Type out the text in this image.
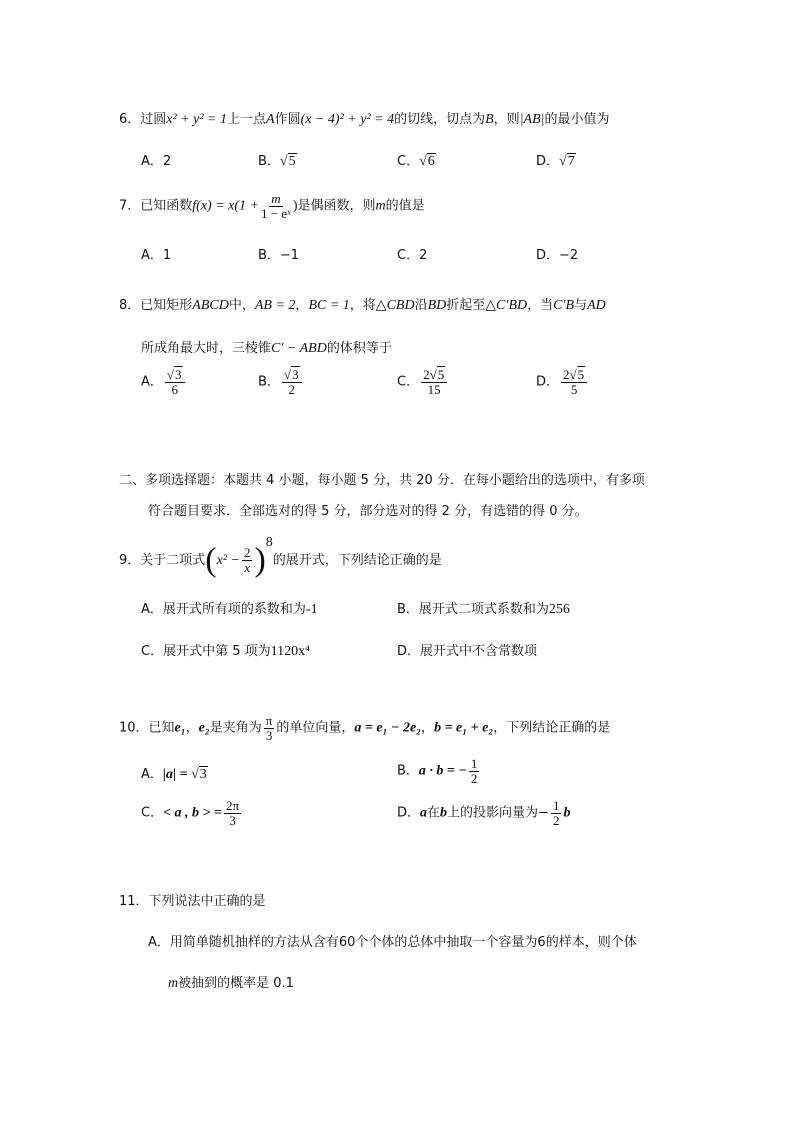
6．过圆x² + y² = 1上一点A作圆(x − 4)² + y² = 4的切线，切点为B，则|AB|的最小值为
A．2	B．√5	C．√6	D．√7
7．已知函数$f(x) = x(1 + \frac{m}{\text{1 − eˣ}}$ )是偶函数，则m的值是
A．1	B．−1	C．2	D．−2
8．已知矩形ABCD中，AB = 2，BC = 1，将△CBD沿BD折起至△C′BD，当C′B与AD
所成角最大时，三棱锥C′ − ABD的体积等于
A． $\frac{√3}{6}$	B． $\frac{√3}{2}$	C． $\frac{2√5}{15}$	D． $\frac{2√5}{5}$
二、多项选择题：本题共 4 小题，每小题 5 分，共 20 分．在每小题给出的选项中，有多项
符合题目要求．全部选对的得 5 分，部分选对的得 2 分，有选错的得 0 分。
9．关于二项式$(x^2 - \frac{2}{x} )^8$的展开式，下列结论正确的是
A．展开式所有项的系数和为-1	B．展开式二项式系数和为256
C．展开式中第 5 项为1120x⁴	D．展开式中不含常数项
10．已知e₁，e₂是夹角为 $\frac{\pi}{3}$ 的单位向量，a = e₁ − 2e₂，b = e₁ + e₂，下列结论正确的是
A．|a| = √3	B．a · b = − $\frac{1}{2}$
C．< a , b > = $\frac{2\pi}{3}$	D．a在b上的投影向量为− $\frac{1}{2}$ b
11．下列说法中正确的是
A．用简单随机抽样的方法从含有60个个体的总体中抽取一个容量为6的样本，则个体
m被抽到的概率是 0.1
